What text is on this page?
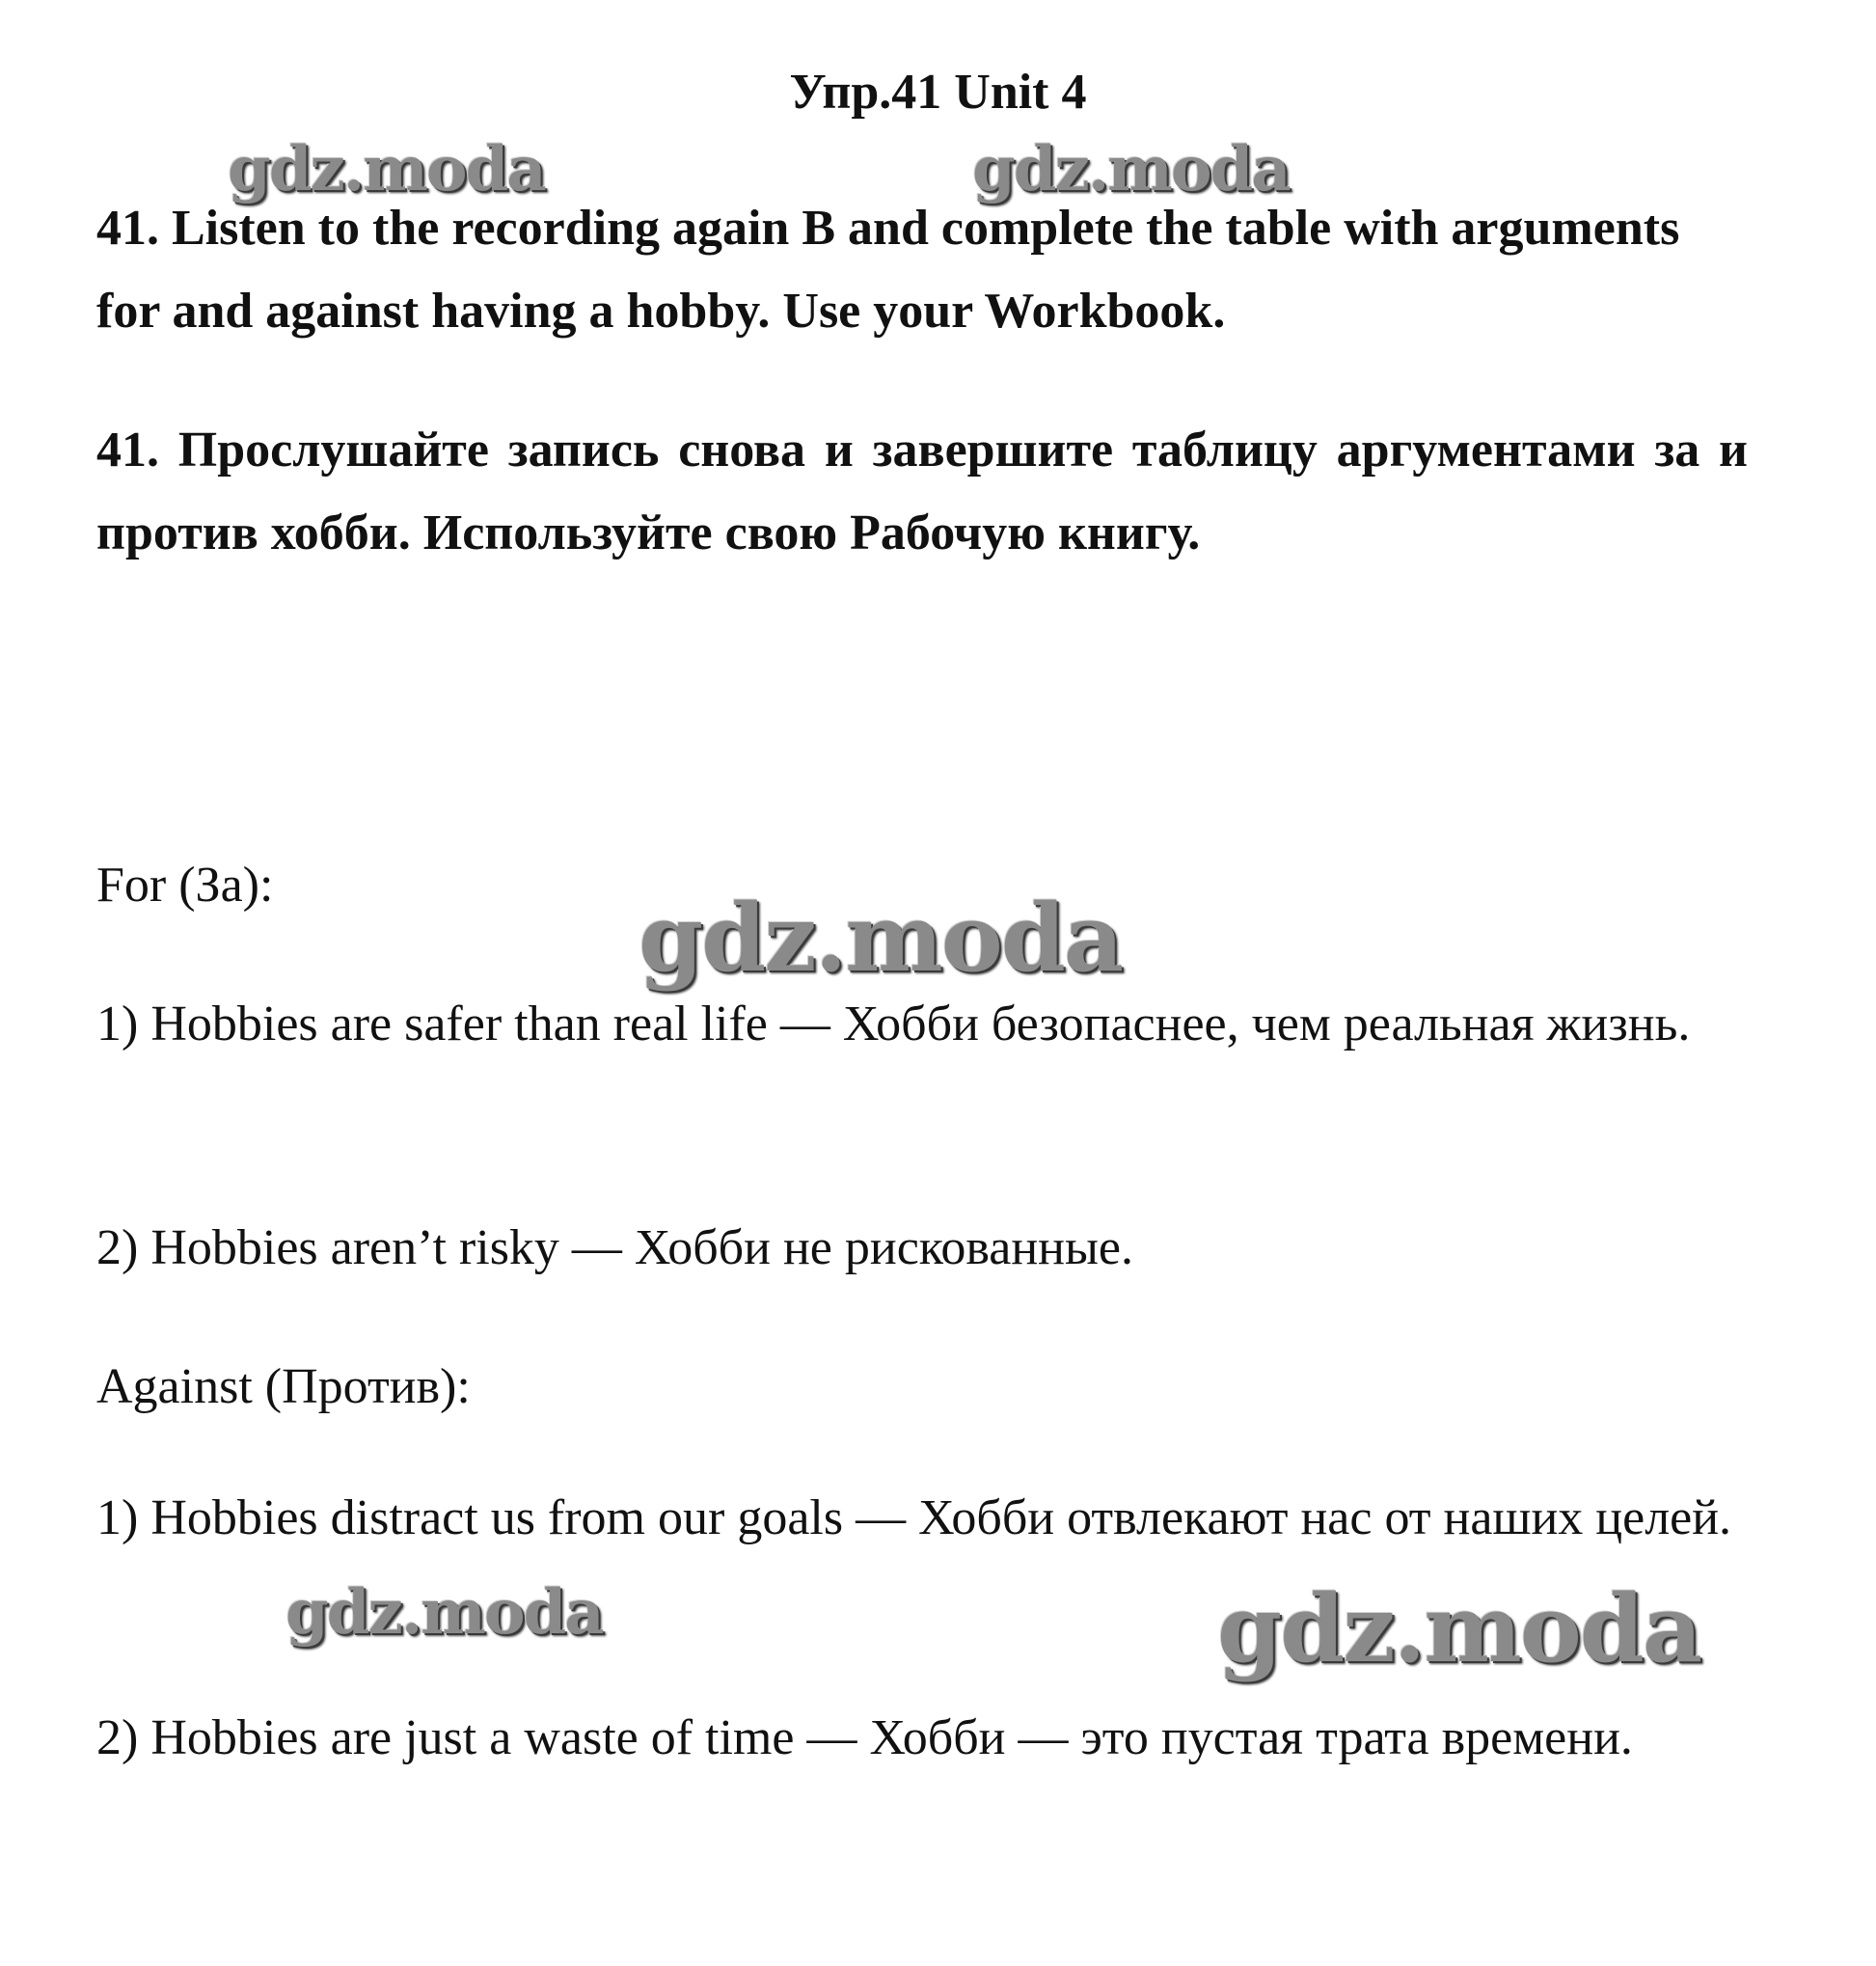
Упр.41 Unit 4
gdz.moda	gdz.moda
41. Listen to the recording again B and complete the table with arguments for and against having a hobby. Use your Workbook.
41. Прослушайте запись снова и завершите таблицу аргументами за и против хобби. Используйте свою Рабочую книгу.
For (За):	gdz.moda
1) Hobbies are safer than real life — Хобби безопаснее, чем реальная жизнь.
2) Hobbies aren’t risky — Хобби не рискованные.
Against (Против):
1) Hobbies distract us from our goals — Хобби отвлекают нас от наших целей.
gdz.moda	gdz.moda
2) Hobbies are just a waste of time — Хобби — это пустая трата времени.
